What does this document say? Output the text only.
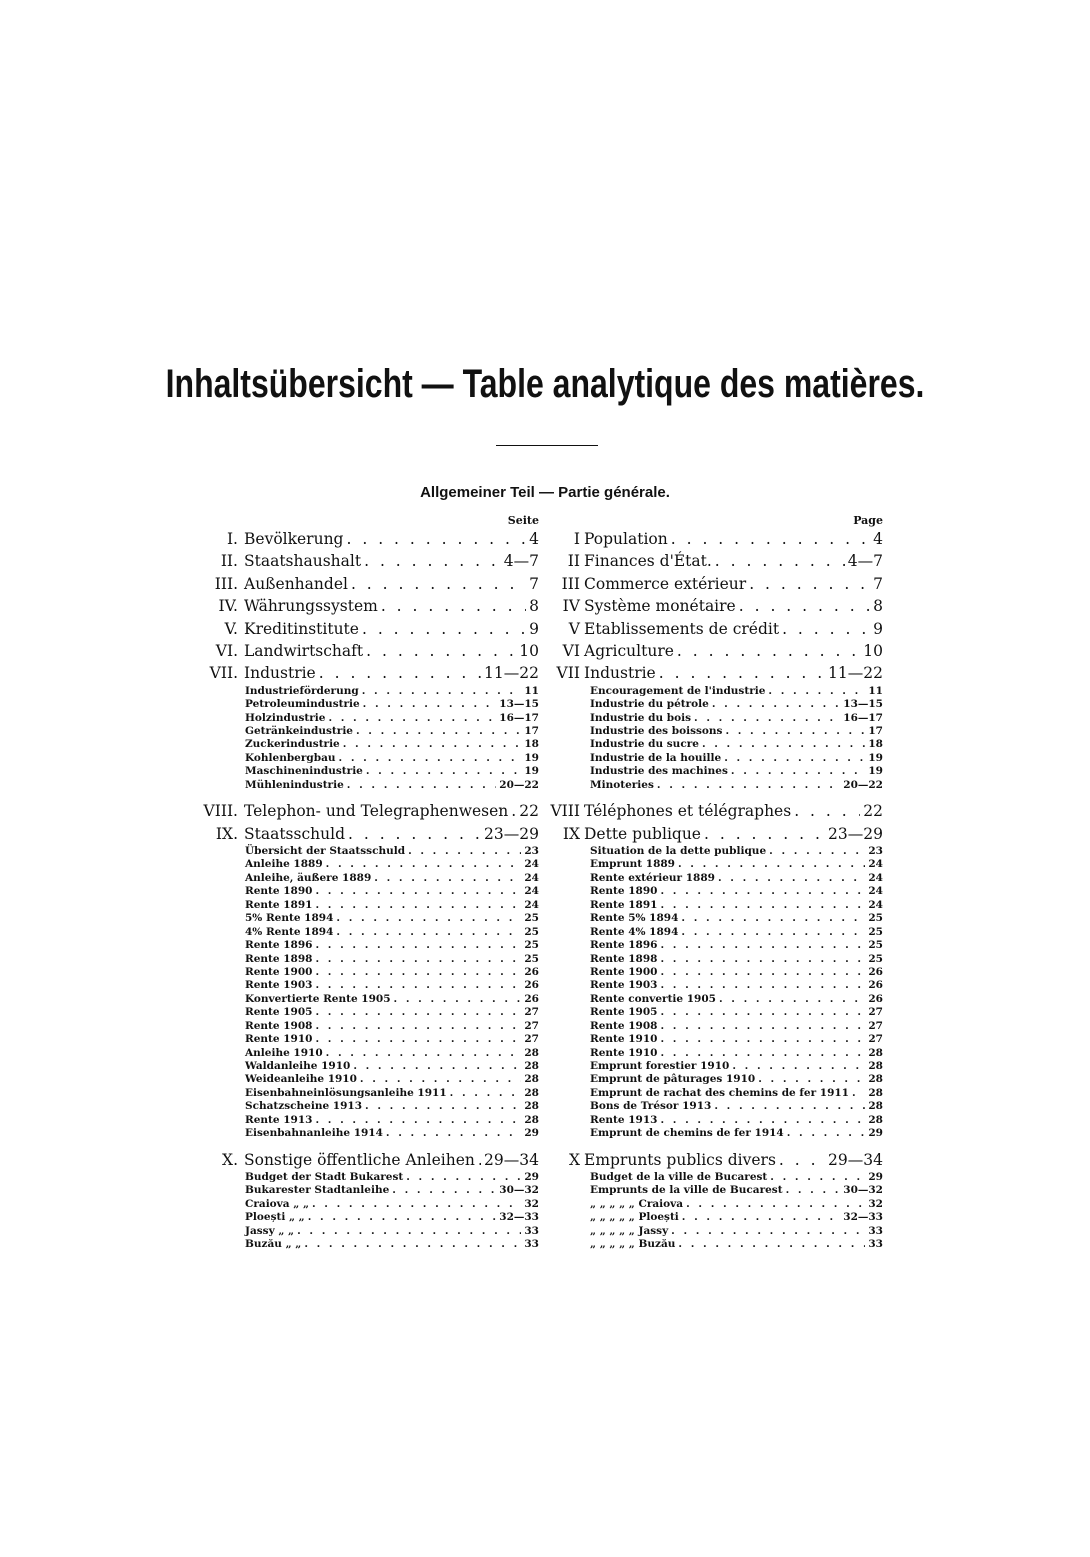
Inhaltsübersicht — Table analytique des matières.
Allgemeiner Teil — Partie générale.
Seite
I. Bevölkerung . . .	4
II. Staatshaushalt . . .	4—7
III. Außenhandel . . .	7
IV. Währungssystem . . .	8
V. Kreditinstitute . . .	9
VI. Landwirtschaft . . .	10
VII. Industrie . . .	11—22
Industrieförderung . . .	11
Petroleumindustrie . . .	13—15
Holzindustrie . . .	16—17
Getränkeindustrie . . .	17
Zuckerindustrie . . .	18
Kohlenbergbau . . .	19
Maschinenindustrie . . .	19
Mühlenindustrie . . .	20—22
VIII. Telephon- und Telegraphenwesen . . . 22
IX. Staatsschuld . . .	23—29
Übersicht der Staatsschuld . . .	23
Anleihe 1889 . . .	24
Anleihe, äußere 1889 . . .	24
Rente 1890 . . .	24
Rente 1891 . . .	24
5% Rente 1894 . . .	25
4% Rente 1894 . . .	25
Rente 1896 . . .	25
Rente 1898 . . .	25
Rente 1900 . . .	26
Rente 1903 . . .	26
Konvertierte Rente 1905 . . .	26
Rente 1905 . . .	27
Rente 1908 . . .	27
Rente 1910 . . .	27
Anleihe 1910 . . .	28
Waldanleihe 1910 . . .	28
Weideanleihe 1910 . . .	28
Eisenbahneinlösungsanleihe 1911 . . .	28
Schatzscheine 1913 . . .	28
Rente 1913 . . .	28
Eisenbahnanleihe 1914 . . .	29
X. Sonstige öffentliche Anleihen . . . 29—34
Budget der Stadt Bukarest . . .	29
Bukarester Stadtanleihe . . .	30—32
Craiova „ „ . . .	32
Ploești „ „ . . .	32—33
Jassy „ „ . . .	33
Buzău „ „ . . .	33
Page
I Population . . .	4
II Finances d'État. . . .	4—7
III Commerce extérieur . . .	7
IV Système monétaire . . .	8
V Etablissements de crédit . . .	9
VI Agriculture . . .	10
VII Industrie . . .	11—22
Encouragement de l'industrie . . .	11
Industrie du pétrole . . .	13—15
Industrie du bois . . .	16—17
Industrie des boissons . . .	17
Industrie du sucre . . .	18
Industrie de la houille . . .	19
Industrie des machines . . .	19
Minoteries . . .	20—22
VIII Téléphones et télégraphes . . .	22
IX Dette publique . . .	23—29
Situation de la dette publique . . .	23
Emprunt 1889 . . .	24
Rente extérieur 1889 . . .	24
Rente 1890 . . .	24
Rente 1891 . . .	24
Rente 5% 1894 . . .	25
Rente 4% 1894 . . .	25
Rente 1896 . . .	25
Rente 1898 . . .	25
Rente 1900 . . .	26
Rente 1903 . . .	26
Rente convertie 1905 . . .	26
Rente 1905 . . .	27
Rente 1908 . . .	27
Rente 1910 . . .	27
Rente 1910 . . .	28
Emprunt forestier 1910 . . .	28
Emprunt de pâturages 1910 . . .	28
Emprunt de rachat des chemins de fer 1911 . . . 28
Bons de Trésor 1913 . . .	28
Rente 1913 . . .	28
Emprunt de chemins de fer 1914 . . .	29
X Emprunts publics divers . . .	29—34
Budget de la ville de Bucarest . . .	29
Emprunts de la ville de Bucarest . . .	30—32
„ „ „ „ „ Craiova . . .	32
„ „ „ „ „ Ploești . . .	32—33
„ „ „ „ „ Jassy . . .	33
„ „ „ „ „ Buzău . . .	33
